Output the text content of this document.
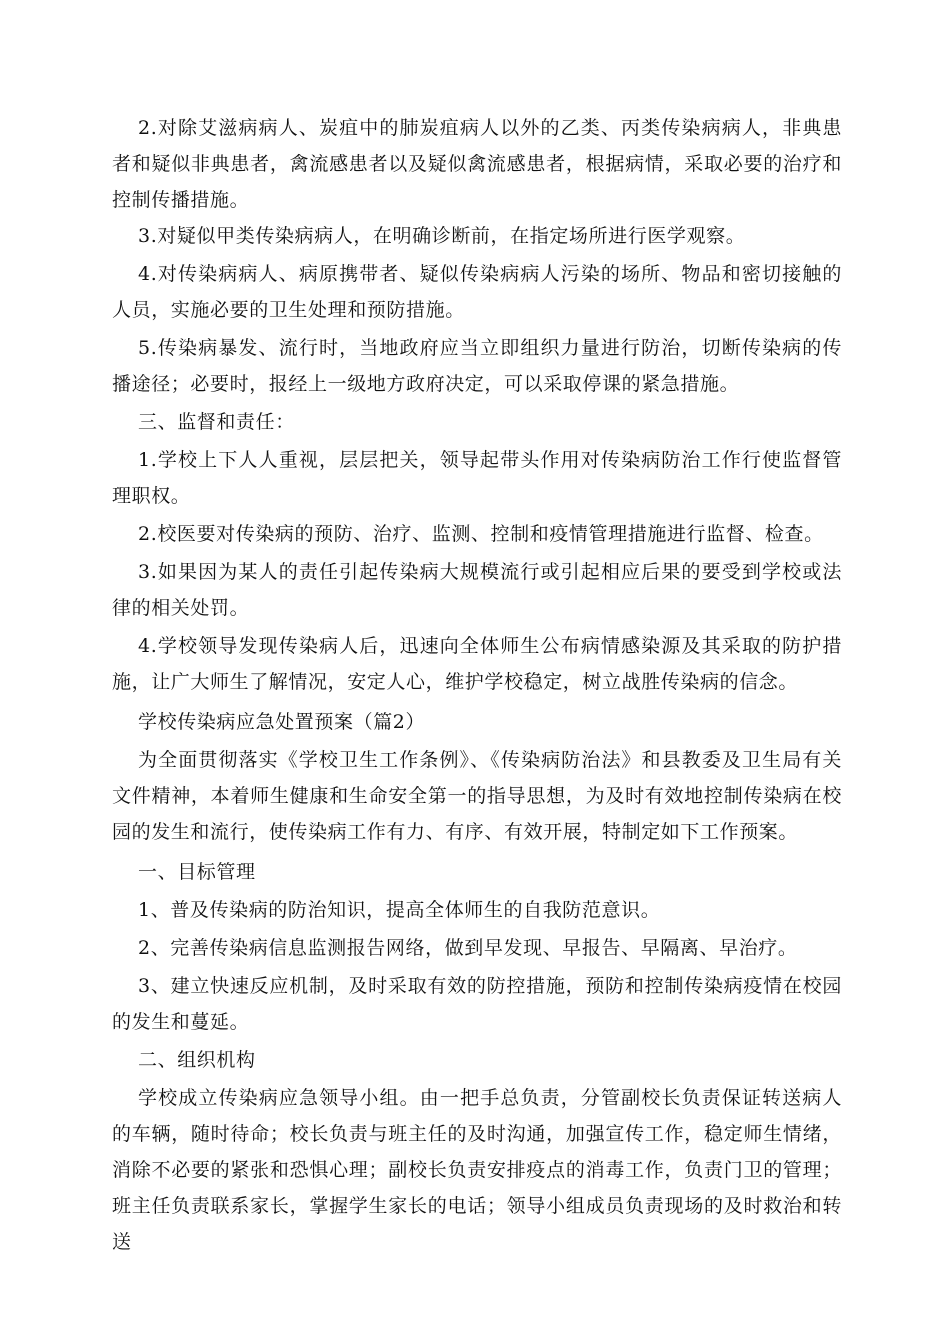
2.对除艾滋病病人、炭疽中的肺炭疽病人以外的乙类、丙类传染病病人，非典患者和疑似非典患者，禽流感患者以及疑似禽流感患者，根据病情，采取必要的治疗和控制传播措施。

3.对疑似甲类传染病病人，在明确诊断前，在指定场所进行医学观察。

4.对传染病病人、病原携带者、疑似传染病病人污染的场所、物品和密切接触的人员，实施必要的卫生处理和预防措施。

5.传染病暴发、流行时，当地政府应当立即组织力量进行防治，切断传染病的传播途径；必要时，报经上一级地方政府决定，可以采取停课的紧急措施。

三、监督和责任：

1.学校上下人人重视，层层把关，领导起带头作用对传染病防治工作行使监督管理职权。

2.校医要对传染病的预防、治疗、监测、控制和疫情管理措施进行监督、检查。

3.如果因为某人的责任引起传染病大规模流行或引起相应后果的要受到学校或法律的相关处罚。

4.学校领导发现传染病人后，迅速向全体师生公布病情感染源及其采取的防护措施，让广大师生了解情况，安定人心，维护学校稳定，树立战胜传染病的信念。

学校传染病应急处置预案（篇2）

为全面贯彻落实《学校卫生工作条例》、《传染病防治法》和县教委及卫生局有关文件精神，本着师生健康和生命安全第一的指导思想，为及时有效地控制传染病在校园的发生和流行，使传染病工作有力、有序、有效开展，特制定如下工作预案。

一、目标管理

1、普及传染病的防治知识，提高全体师生的自我防范意识。

2、完善传染病信息监测报告网络，做到早发现、早报告、早隔离、早治疗。

3、建立快速反应机制，及时采取有效的防控措施，预防和控制传染病疫情在校园的发生和蔓延。

二、组织机构

学校成立传染病应急领导小组。由一把手总负责，分管副校长负责保证转送病人的车辆，随时待命；校长负责与班主任的及时沟通，加强宣传工作，稳定师生情绪，消除不必要的紧张和恐惧心理；副校长负责安排疫点的消毒工作，负责门卫的管理；班主任负责联系家长，掌握学生家长的电话；领导小组成员负责现场的及时救治和转送
